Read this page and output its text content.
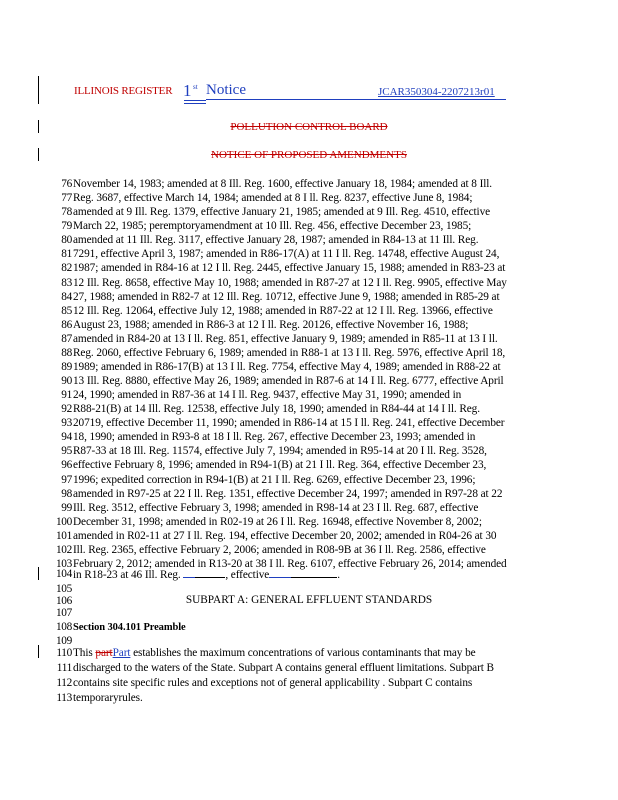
ILLINOIS REGISTER 1 st Notice	JCAR350304-2207213r01
POLLUTION CONTROL BOARD
NOTICE OF PROPOSED AMENDMENTS
76 November 14, 1983; amended at 8 Ill. Reg. 1600, effective January 18, 1984; amended at 8 Ill.
77 Reg. 3687, effective March 14, 1984; amended at 8 I ll. Reg. 8237, effective June 8, 1984;
78 amended at 9 Ill. Reg. 1379, effective January 21, 1985; amended at 9 Ill. Reg. 4510, effective
79 March 22, 1985; peremptoryamendment at 10 Ill. Reg. 456, effective December 23, 1985;
80 amended at 11 Ill. Reg. 3117, effective January 28, 1987; amended in R84-13 at 11 Ill. Reg.
81 7291, effective April 3, 1987; amended in R86-17(A) at 11 I ll. Reg. 14748, effective August 24,
82 1987; amended in R84-16 at 12 I ll. Reg. 2445, effective January 15, 1988; amended in R83-23 at
83 12 Ill. Reg. 8658, effective May 10, 1988; amended in R87-27 at 12 I ll. Reg. 9905, effective May
84 27, 1988; amended in R82-7 at 12 Ill. Reg. 10712, effective June 9, 1988; amended in R85-29 at
85 12 Ill. Reg. 12064, effective July 12, 1988; amended in R87-22 at 12 I ll. Reg. 13966, effective
86 August 23, 1988; amended in R86-3 at 12 I ll. Reg. 20126, effective November 16, 1988;
87 amended in R84-20 at 13 I ll. Reg. 851, effective January 9, 1989; amended in R85-11 at 13 I ll.
88 Reg. 2060, effective February 6, 1989; amended in R88-1 at 13 I ll. Reg. 5976, effective April 18,
89 1989; amended in R86-17(B) at 13 I ll. Reg. 7754, effective May 4, 1989; amended in R88-22 at
90 13 Ill. Reg. 8880, effective May 26, 1989; amended in R87-6 at 14 I ll. Reg. 6777, effective April
91 24, 1990; amended in R87-36 at 14 I ll. Reg. 9437, effective May 31, 1990; amended in
92 R88-21(B) at 14 Ill. Reg. 12538, effective July 18, 1990; amended in R84-44 at 14 I ll. Reg.
93 20719, effective December 11, 1990; amended in R86-14 at 15 I ll. Reg. 241, effective December
94 18, 1990; amended in R93-8 at 18 I ll. Reg. 267, effective December 23, 1993; amended in
95 R87-33 at 18 Ill. Reg. 11574, effective July 7, 1994; amended in R95-14 at 20 I ll. Reg. 3528,
96 effective February 8, 1996; amended in R94-1(B) at 21 I ll. Reg. 364, effective December 23,
97 1996; expedited correction in R94-1(B) at 21 I ll. Reg. 6269, effective December 23, 1996;
98 amended in R97-25 at 22 I ll. Reg. 1351, effective December 24, 1997; amended in R97-28 at 22
99 Ill. Reg. 3512, effective February 3, 1998; amended in R98-14 at 23 I ll. Reg. 687, effective
100 December 31, 1998; amended in R02-19 at 26 I ll. Reg. 16948, effective November 8, 2002;
101 amended in R02-11 at 27 I ll. Reg. 194, effective December 20, 2002; amended in R04-26 at 30
102 Ill. Reg. 2365, effective February 2, 2006; amended in R08-9B at 36 I ll. Reg. 2586, effective
103 February 2, 2012; amended in R13-20 at 38 I ll. Reg. 6107, effective February 26, 2014; amended
104 in R18-23 at 46 Ill. Reg.	, effective	.
105
106	SUBPART A: GENERAL EFFLUENT STANDARDS
107
108 Section 304.101 Preamble
109
110 This partPart establishes the maximum concentrations of various contaminants that may be
111 discharged to the waters of the State. Subpart A contains general effluent limitations. Subpart B
112 contains site specific rules and exceptions not of general applicability . Subpart C contains
113 temporaryrules.
